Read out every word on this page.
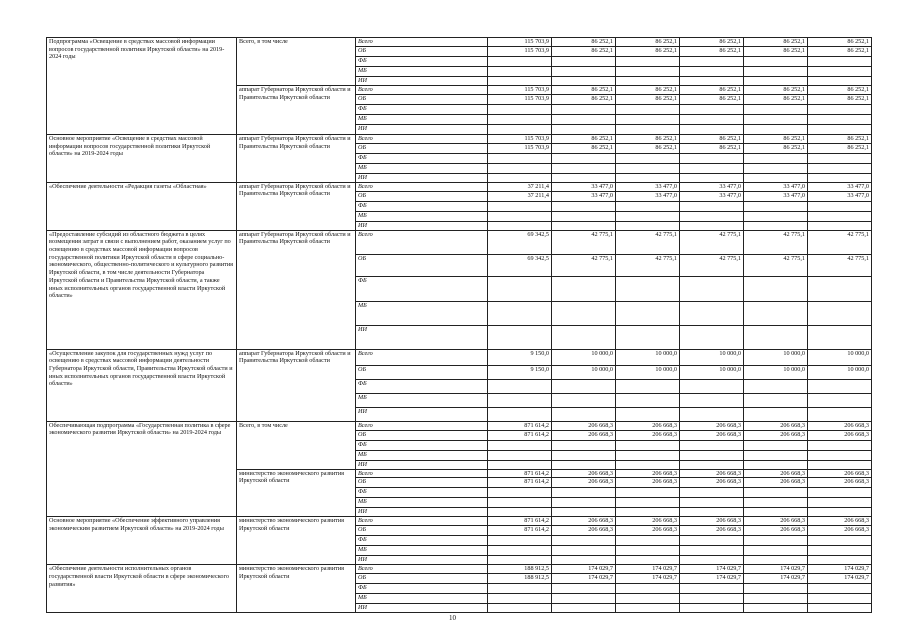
Подпрограмма «Освещение в средствах массовой информации вопросов государственной политики Иркутской области» на 2019-2024 годы	Всего, в том числе	Всего	115 703,9	86 252,1	86 252,1	86 252,1	86 252,1	86 252,1
		ОБ	115 703,9	86 252,1	86 252,1	86 252,1	86 252,1	86 252,1
		ФБ						
		МБ						
		ИИ						
	аппарат Губернатора Иркутской области и Правительства Иркутской области	Всего	115 703,9	86 252,1	86 252,1	86 252,1	86 252,1	86 252,1
		ОБ	115 703,9	86 252,1	86 252,1	86 252,1	86 252,1	86 252,1
		ФБ						
		МБ						
		ИИ						
Основное мероприятие «Освещение в средствах массовой информации вопросов государственной политики Иркутской области» на 2019-2024 годы	аппарат Губернатора Иркутской области и Правительства Иркутской области	Всего	115 703,9	86 252,1	86 252,1	86 252,1	86 252,1	86 252,1
		ОБ	115 703,9	86 252,1	86 252,1	86 252,1	86 252,1	86 252,1
		ФБ						
		МБ						
		ИИ						
«Обеспечение деятельности «Редакция газеты «Областная»	аппарат Губернатора Иркутской области и Правительства Иркутской области	Всего	37 211,4	33 477,0	33 477,0	33 477,0	33 477,0	33 477,0
		ОБ	37 211,4	33 477,0	33 477,0	33 477,0	33 477,0	33 477,0
		ФБ						
		МБ						
		ИИ						
«Предоставление субсидий из областного бюджета в целях возмещения затрат в связи с выполнением работ, оказанием услуг по освещению в средствах массовой информации вопросов государственной политики Иркутской области в сфере социально-экономического, общественно-политического и культурного развития Иркутской области, в том числе деятельности Губернатора Иркутской области и Правительства Иркутской области, а также иных исполнительных органов государственной власти Иркутской области»	аппарат Губернатора Иркутской области и Правительства Иркутской области	Всего	69 342,5	42 775,1	42 775,1	42 775,1	42 775,1	42 775,1
		ОБ	69 342,5	42 775,1	42 775,1	42 775,1	42 775,1	42 775,1
		ФБ						
		МБ						
		ИИ						
«Осуществление закупок для государственных нужд услуг по освещению в средствах массовой информации деятельности Губернатора Иркутской области, Правительства Иркутской области и иных исполнительных органов государственной власти Иркутской области»	аппарат Губернатора Иркутской области и Правительства Иркутской области	Всего	9 150,0	10 000,0	10 000,0	10 000,0	10 000,0	10 000,0
		ОБ	9 150,0	10 000,0	10 000,0	10 000,0	10 000,0	10 000,0
		ФБ						
		МБ						
		ИИ						
Обеспечивающая подпрограмма «Государственная политика в сфере экономического развития Иркутской области» на 2019-2024 годы	Всего, в том числе	Всего	871 614,2	206 668,3	206 668,3	206 668,3	206 668,3	206 668,3
		ОБ	871 614,2	206 668,3	206 668,3	206 668,3	206 668,3	206 668,3
		ФБ						
		МБ						
		ИИ						
	министерство экономического развития Иркутской области	Всего	871 614,2	206 668,3	206 668,3	206 668,3	206 668,3	206 668,3
		ОБ	871 614,2	206 668,3	206 668,3	206 668,3	206 668,3	206 668,3
		ФБ						
		МБ						
		ИИ						
Основное мероприятие «Обеспечение эффективного управления экономическим развитием Иркутской области» на 2019-2024 годы	министерство экономического развития Иркутской области	Всего	871 614,2	206 668,3	206 668,3	206 668,3	206 668,3	206 668,3
		ОБ	871 614,2	206 668,3	206 668,3	206 668,3	206 668,3	206 668,3
		ФБ						
		МБ						
		ИИ						
«Обеспечение деятельности исполнительных органов государственной власти Иркутской области в сфере экономического развития»	министерство экономического развития Иркутской области	Всего	188 912,5	174 029,7	174 029,7	174 029,7	174 029,7	174 029,7
		ОБ	188 912,5	174 029,7	174 029,7	174 029,7	174 029,7	174 029,7
		ФБ						
		МБ						
		ИИ						
10
